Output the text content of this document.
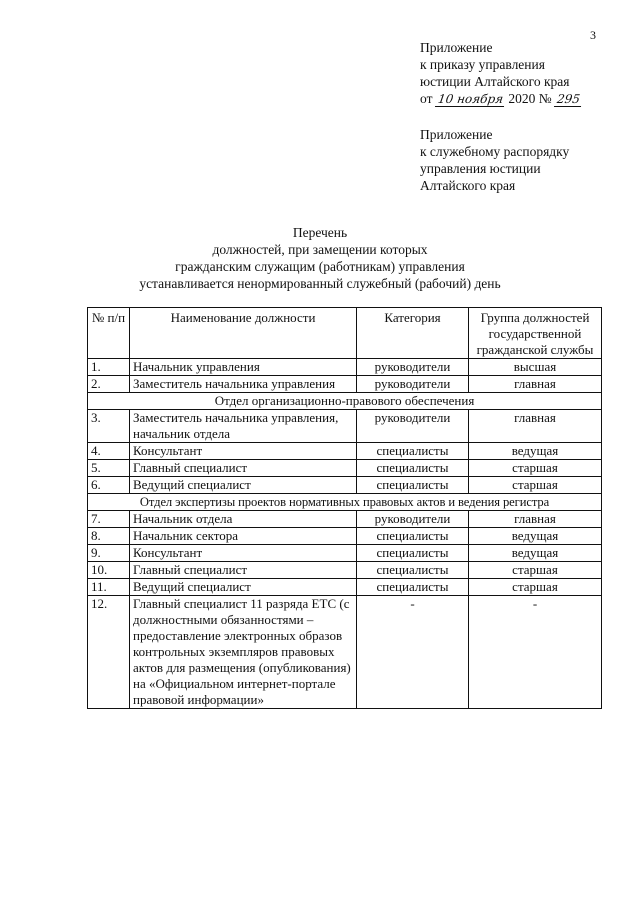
3
Приложение
к приказу управления
юстиции Алтайского края
от 10 ноября 2020 № 295
Приложение
к служебному распорядку
управления юстиции
Алтайского края
Перечень
должностей, при замещении которых
гражданским служащим (работникам) управления
устанавливается ненормированный служебный (рабочий) день
№ п/п	Наименование должности	Категория	Группа должностей государственной гражданской службы
1.	Начальник управления	руководители	высшая
2.	Заместитель начальника управления	руководители	главная
Отдел организационно-правового обеспечения			
3.	Заместитель начальника управления, начальник отдела	руководители	главная
4.	Консультант	специалисты	ведущая
5.	Главный специалист	специалисты	старшая
6.	Ведущий специалист	специалисты	старшая
Отдел экспертизы проектов нормативных правовых актов и ведения регистра			
7.	Начальник отдела	руководители	главная
8.	Начальник сектора	специалисты	ведущая
9.	Консультант	специалисты	ведущая
10.	Главный специалист	специалисты	старшая
11.	Ведущий специалист	специалисты	старшая
12.	Главный специалист 11 разряда ЕТС (с должностными обязанностями – предоставление электронных образов контрольных экземпляров правовых актов для размещения (опубликования) на «Официальном интернет-портале правовой информации»	-	-
